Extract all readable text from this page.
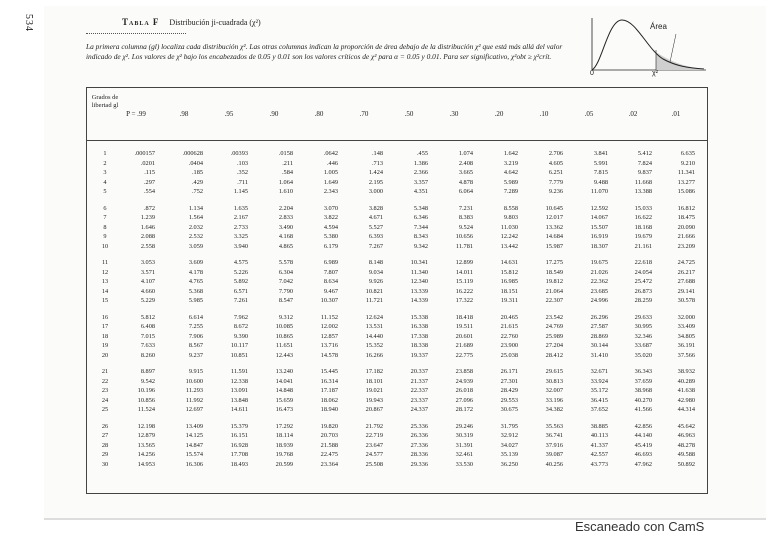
534	Tabla F Distribución ji-cuadrada (χ²)
La primera columna (gl) localiza cada distribución χ². Las otras columnas indican la proporción de área debajo de la distribución χ² que está más allá del valor indicado de χ². Los valores de χ² bajo los encabezados de 0.05 y 0.01 son los valores críticos de χ² para α = 0.05 y 0.01. Para ser significativo, χ²obt ≥ χ²crít.
Área
0	χ²
Grados de libertad gl
P = .99	.98	.95	.90	.80	.70	.50	.30	.20	.10	.05	.02	.01
1	.000157	.000628	.00393	.0158	.0642	.148	.455	1.074	1.642	2.706	3.841	5.412	6.635
2	.0201	.0404	.103	.211	.446	.713	1.386	2.408	3.219	4.605	5.991	7.824	9.210
3	.115	.185	.352	.584	1.005	1.424	2.366	3.665	4.642	6.251	7.815	9.837	11.341
4	.297	.429	.711	1.064	1.649	2.195	3.357	4.878	5.989	7.779	9.488	11.668	13.277
5	.554	.752	1.145	1.610	2.343	3.000	4.351	6.064	7.289	9.236	11.070	13.388	15.086
6	.872	1.134	1.635	2.204	3.070	3.828	5.348	7.231	8.558	10.645	12.592	15.033	16.812
7	1.239	1.564	2.167	2.833	3.822	4.671	6.346	8.383	9.803	12.017	14.067	16.622	18.475
8	1.646	2.032	2.733	3.490	4.594	5.527	7.344	9.524	11.030	13.362	15.507	18.168	20.090
9	2.088	2.532	3.325	4.168	5.380	6.393	8.343	10.656	12.242	14.684	16.919	19.679	21.666
10	2.558	3.059	3.940	4.865	6.179	7.267	9.342	11.781	13.442	15.987	18.307	21.161	23.209
11	3.053	3.609	4.575	5.578	6.989	8.148	10.341	12.899	14.631	17.275	19.675	22.618	24.725
12	3.571	4.178	5.226	6.304	7.807	9.034	11.340	14.011	15.812	18.549	21.026	24.054	26.217
13	4.107	4.765	5.892	7.042	8.634	9.926	12.340	15.119	16.985	19.812	22.362	25.472	27.688
14	4.660	5.368	6.571	7.790	9.467	10.821	13.339	16.222	18.151	21.064	23.685	26.873	29.141
15	5.229	5.985	7.261	8.547	10.307	11.721	14.339	17.322	19.311	22.307	24.996	28.259	30.578
16	5.812	6.614	7.962	9.312	11.152	12.624	15.338	18.418	20.465	23.542	26.296	29.633	32.000
17	6.408	7.255	8.672	10.085	12.002	13.531	16.338	19.511	21.615	24.769	27.587	30.995	33.409
18	7.015	7.906	9.390	10.865	12.857	14.440	17.338	20.601	22.760	25.989	28.869	32.346	34.805
19	7.633	8.567	10.117	11.651	13.716	15.352	18.338	21.689	23.900	27.204	30.144	33.687	36.191
20	8.260	9.237	10.851	12.443	14.578	16.266	19.337	22.775	25.038	28.412	31.410	35.020	37.566
21	8.897	9.915	11.591	13.240	15.445	17.182	20.337	23.858	26.171	29.615	32.671	36.343	38.932
22	9.542	10.600	12.338	14.041	16.314	18.101	21.337	24.939	27.301	30.813	33.924	37.659	40.289
23	10.196	11.293	13.091	14.848	17.187	19.021	22.337	26.018	28.429	32.007	35.172	38.968	41.638
24	10.856	11.992	13.848	15.659	18.062	19.943	23.337	27.096	29.553	33.196	36.415	40.270	42.980
25	11.524	12.697	14.611	16.473	18.940	20.867	24.337	28.172	30.675	34.382	37.652	41.566	44.314
26	12.198	13.409	15.379	17.292	19.820	21.792	25.336	29.246	31.795	35.563	38.885	42.856	45.642
27	12.879	14.125	16.151	18.114	20.703	22.719	26.336	30.319	32.912	36.741	40.113	44.140	46.963
28	13.565	14.847	16.928	18.939	21.588	23.647	27.336	31.391	34.027	37.916	41.337	45.419	48.278
29	14.256	15.574	17.708	19.768	22.475	24.577	28.336	32.461	35.139	39.087	42.557	46.693	49.588
30	14.953	16.306	18.493	20.599	23.364	25.508	29.336	33.530	36.250	40.256	43.773	47.962	50.892
Escaneado con CamS
